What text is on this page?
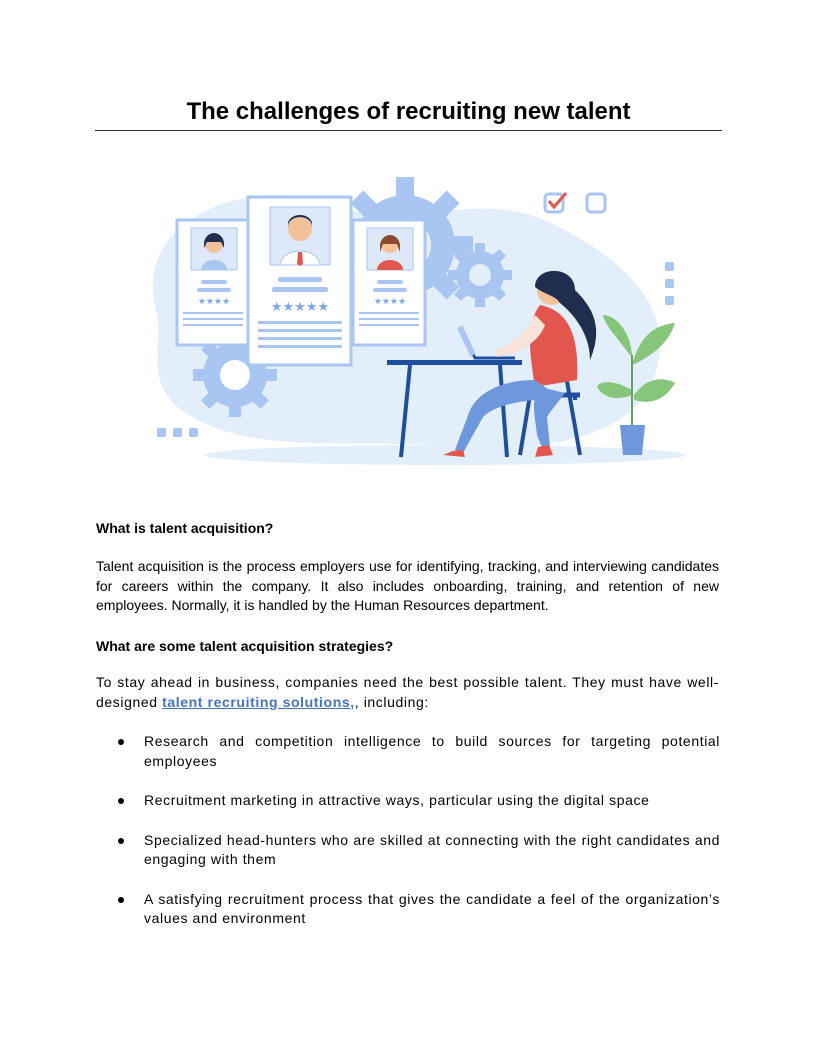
The challenges of recruiting new talent
★★★★	★★★★★	★★★★
What is talent acquisition?
Talent acquisition is the process employers use for identifying, tracking, and interviewing candidates for careers within the company. It also includes onboarding, training, and retention of new employees. Normally, it is handled by the Human Resources department.
What are some talent acquisition strategies?
To stay ahead in business, companies need the best possible talent. They must have well-designed talent recruiting solutions,, including:
Research and competition intelligence to build sources for targeting potential employees
Recruitment marketing in attractive ways, particular using the digital space
Specialized head-hunters who are skilled at connecting with the right candidates and engaging with them
A satisfying recruitment process that gives the candidate a feel of the organization’s values and environment
